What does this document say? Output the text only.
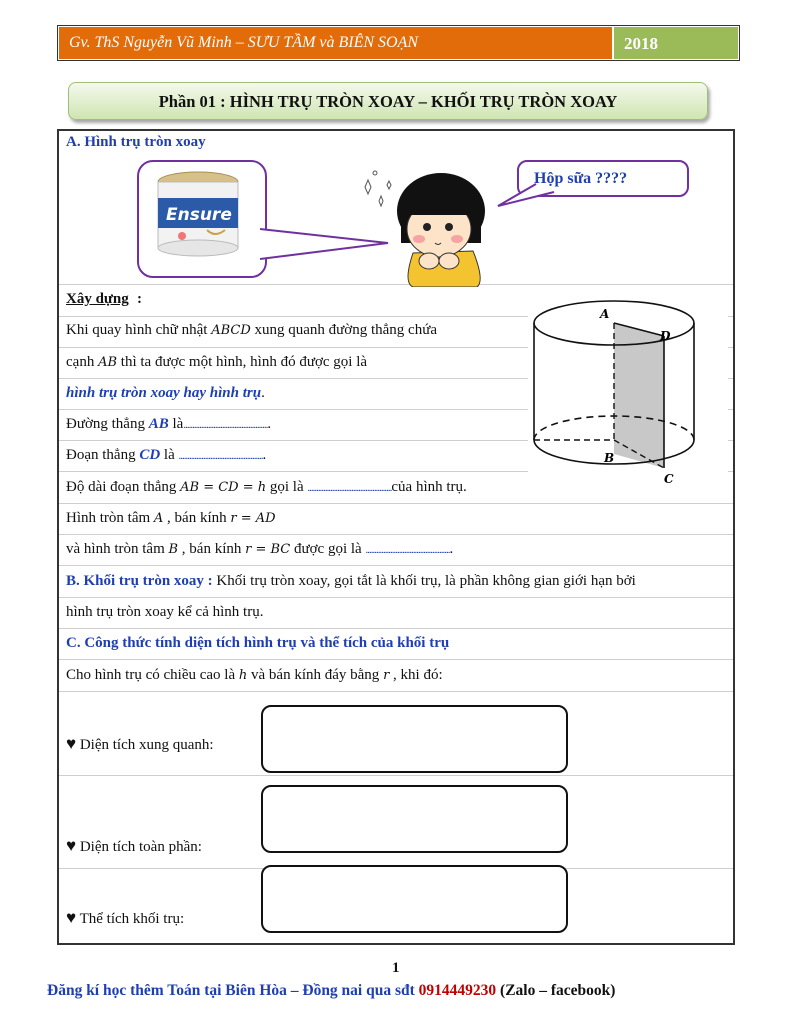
Gv. ThS Nguyễn Vũ Minh – SƯU TẦM và BIÊN SOẠN	2018
Phần 01 : HÌNH TRỤ TRÒN XOAY – KHỐI TRỤ TRÒN XOAY
A. Hình trụ tròn xoay
Ensure
Hộp sữa ????
Xây dựng :
Khi quay hình chữ nhật ABCD xung quanh đường thẳng chứa
cạnh AB thì ta được một hình, hình đó được gọi là
hình trụ tròn xoay hay hình trụ.
Đường thẳng AB là.................................................
Đoạn thẳng CD là .................................................
Độ dài đoạn thẳng AB = CD = h gọi là ................................................của hình trụ.
Hình tròn tâm A , bán kính r = AD
và hình tròn tâm B , bán kính r = BC được gọi là .................................................
A
D
B
C
B. Khối trụ tròn xoay : Khối trụ tròn xoay, gọi tắt là khối trụ, là phần không gian giới hạn bởi
hình trụ tròn xoay kể cả hình trụ.
C. Công thức tính diện tích hình trụ và thể tích của khối trụ
Cho hình trụ có chiều cao là h và bán kính đáy bằng r , khi đó:
♥ Diện tích xung quanh:
♥ Diện tích toàn phần:
♥ Thể tích khối trụ:
1
Đăng kí học thêm Toán tại Biên Hòa – Đồng nai qua sđt 0914449230 (Zalo – facebook)
